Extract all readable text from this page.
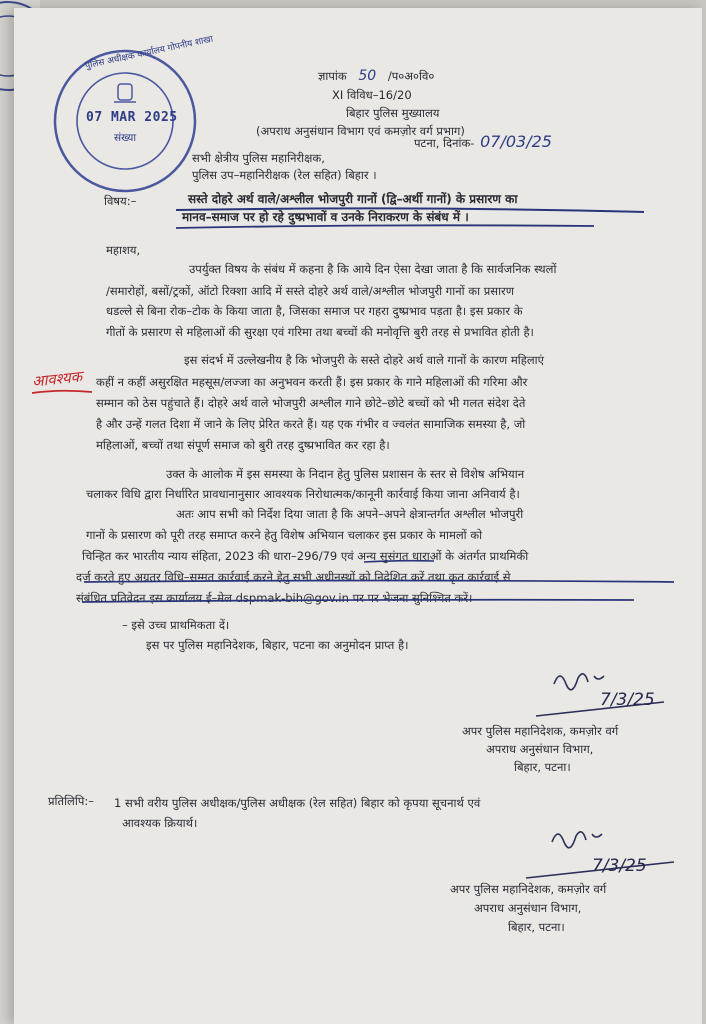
पुलिस अधीक्षक कार्यालय गोपनीय शाखा
07 MAR 2025
संख्या
ज्ञापांक 50 /प०अ०वि०
XI विविध–16/20
बिहार पुलिस मुख्यालय
(अपराध अनुसंधान विभाग एवं कमज़ोर वर्ग प्रभाग)
पटना, दिनांक- 07/03/25
सभी क्षेत्रीय पुलिस महानिरीक्षक,
पुलिस उप–महानिरीक्षक (रेल सहित) बिहार ।
विषय:–	सस्ते दोहरे अर्थ वाले/अश्लील भोजपुरी गानों (द्वि–अर्थी गानों) के प्रसारण का
मानव–समाज पर हो रहे दुष्प्रभावों व उनके निराकरण के संबंध में ।
महाशय,
उपर्युक्त विषय के संबंध में कहना है कि आये दिन ऐसा देखा जाता है कि सार्वजनिक स्थलों
/समारोहों, बसों/ट्रकों, ऑटो रिक्शा आदि में सस्ते दोहरे अर्थ वाले/अश्लील भोजपुरी गानों का प्रसारण
धडल्ले से बिना रोक–टोक के किया जाता है, जिसका समाज पर गहरा दुष्प्रभाव पड़ता है। इस प्रकार के
गीतों के प्रसारण से महिलाओं की सुरक्षा एवं गरिमा तथा बच्चों की मनोवृत्ति बुरी तरह से प्रभावित होती है।
आवश्यक
इस संदर्भ में उल्लेखनीय है कि भोजपुरी के सस्ते दोहरे अर्थ वाले गानों के कारण महिलाएं
कहीं न कहीं असुरक्षित महसूस/लज्जा का अनुभवन करती हैं। इस प्रकार के गाने महिलाओं की गरिमा और
सम्मान को ठेस पहुंचाते हैं। दोहरे अर्थ वाले भोजपुरी अश्लील गाने छोटे–छोटे बच्चों को भी गलत संदेश देते
है और उन्हें गलत दिशा में जाने के लिए प्रेरित करते हैं। यह एक गंभीर व ज्वलंत सामाजिक समस्या है, जो
महिलाओं, बच्चों तथा संपूर्ण समाज को बुरी तरह दुष्प्रभावित कर रहा है।
उक्त के आलोक में इस समस्या के निदान हेतु पुलिस प्रशासन के स्तर से विशेष अभियान
चलाकर विधि द्वारा निर्धारित प्रावधानानुसार आवश्यक निरोधात्मक/कानूनी कार्रवाई किया जाना अनिवार्य है।
अतः आप सभी को निर्देश दिया जाता है कि अपने–अपने क्षेत्रान्तर्गत अश्लील भोजपुरी
गानों के प्रसारण को पूरी तरह समाप्त करने हेतु विशेष अभियान चलाकर इस प्रकार के मामलों को
चिन्हित कर भारतीय न्याय संहिता, 2023 की धारा–296/79 एवं अन्य सुसंगत धाराओं के अंतर्गत प्राथमिकी
दर्ज करते हुए अग्रतर विधि–सम्मत कार्रवाई करने हेतु सभी अधीनस्थों को निदेशित करें तथा कृत कार्रवाई से
संबंधित प्रतिवेदन इस कार्यालय ई–मेल dspmak-bih@gov.in पर पर भेजना सुनिश्चित करें।
– इसे उच्च प्राथमिकता दें।
इस पर पुलिस महानिदेशक, बिहार, पटना का अनुमोदन प्राप्त है।
7/3/25
अपर पुलिस महानिदेशक, कमज़ोर वर्ग
अपराध अनुसंधान विभाग,
बिहार, पटना।
प्रतिलिपि:– 1 सभी वरीय पुलिस अधीक्षक/पुलिस अधीक्षक (रेल सहित) बिहार को कृपया सूचनार्थ एवं
आवश्यक क्रियार्थ।
7/3/25
अपर पुलिस महानिदेशक, कमज़ोर वर्ग
अपराध अनुसंधान विभाग,
बिहार, पटना।
